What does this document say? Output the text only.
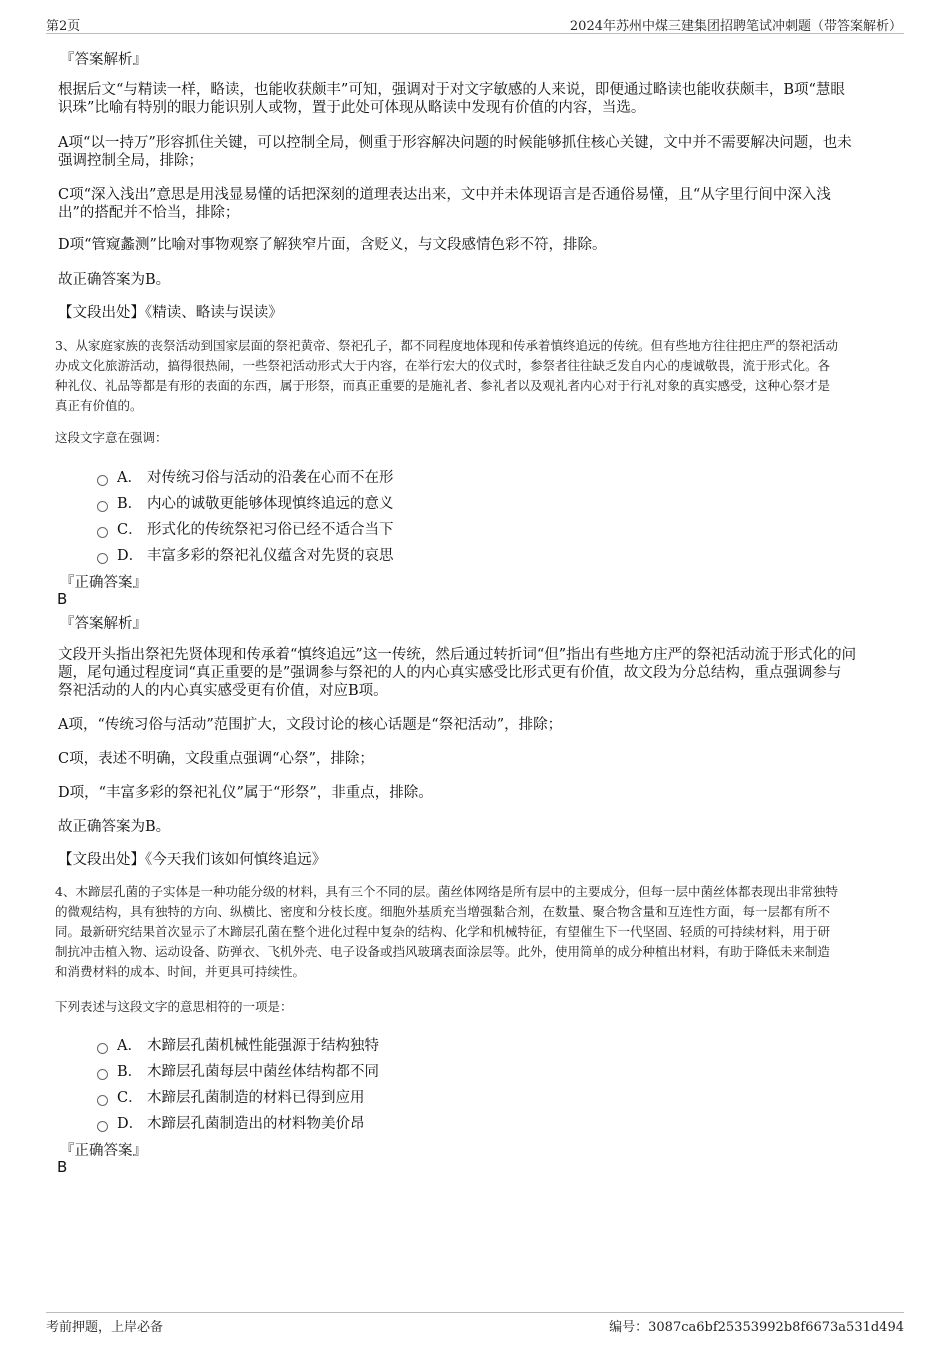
第2页	2024年苏州中煤三建集团招聘笔试冲刺题（带答案解析）
『答案解析』
根据后文“与精读一样，略读，也能收获颇丰”可知，强调对于对文字敏感的人来说，即便通过略读也能收获颇丰，B项“慧眼
识珠”比喻有特别的眼力能识别人或物，置于此处可体现从略读中发现有价值的内容，当选。
A项“以一持万”形容抓住关键，可以控制全局，侧重于形容解决问题的时候能够抓住核心关键，文中并不需要解决问题，也未
强调控制全局，排除；
C项“深入浅出”意思是用浅显易懂的话把深刻的道理表达出来，文中并未体现语言是否通俗易懂，且“从字里行间中深入浅
出”的搭配并不恰当，排除；
D项“管窥蠡测”比喻对事物观察了解狭窄片面，含贬义，与文段感情色彩不符，排除。
故正确答案为B。
【文段出处】《精读、略读与误读》
3、从家庭家族的丧祭活动到国家层面的祭祀黄帝、祭祀孔子，都不同程度地体现和传承着慎终追远的传统。但有些地方往往把庄严的祭祀活动
办成文化旅游活动，搞得很热闹，一些祭祀活动形式大于内容，在举行宏大的仪式时，参祭者往往缺乏发自内心的虔诚敬畏，流于形式化。各
种礼仪、礼品等都是有形的表面的东西，属于形祭，而真正重要的是施礼者、参礼者以及观礼者内心对于行礼对象的真实感受，这种心祭才是
真正有价值的。
这段文字意在强调：
A． 对传统习俗与活动的沿袭在心而不在形
B． 内心的诚敬更能够体现慎终追远的意义
C． 形式化的传统祭祀习俗已经不适合当下
D． 丰富多彩的祭祀礼仪蕴含对先贤的哀思
『正确答案』
B
『答案解析』
文段开头指出祭祀先贤体现和传承着“慎终追远”这一传统，然后通过转折词“但”指出有些地方庄严的祭祀活动流于形式化的问
题，尾句通过程度词“真正重要的是”强调参与祭祀的人的内心真实感受比形式更有价值，故文段为分总结构，重点强调参与
祭祀活动的人的内心真实感受更有价值，对应B项。
A项，“传统习俗与活动”范围扩大，文段讨论的核心话题是“祭祀活动”，排除；
C项，表述不明确，文段重点强调“心祭”，排除；
D项，“丰富多彩的祭祀礼仪”属于“形祭”，非重点，排除。
故正确答案为B。
【文段出处】《今天我们该如何慎终追远》
4、木蹄层孔菌的子实体是一种功能分级的材料，具有三个不同的层。菌丝体网络是所有层中的主要成分，但每一层中菌丝体都表现出非常独特
的微观结构，具有独特的方向、纵横比、密度和分枝长度。细胞外基质充当增强黏合剂，在数量、聚合物含量和互连性方面，每一层都有所不
同。最新研究结果首次显示了木蹄层孔菌在整个进化过程中复杂的结构、化学和机械特征，有望催生下一代坚固、轻质的可持续材料，用于研
制抗冲击植入物、运动设备、防弹衣、飞机外壳、电子设备或挡风玻璃表面涂层等。此外，使用简单的成分种植出材料，有助于降低未来制造
和消费材料的成本、时间，并更具可持续性。
下列表述与这段文字的意思相符的一项是：
A． 木蹄层孔菌机械性能强源于结构独特
B． 木蹄层孔菌每层中菌丝体结构都不同
C． 木蹄层孔菌制造的材料已得到应用
D． 木蹄层孔菌制造出的材料物美价昂
『正确答案』
B
考前押题，上岸必备	编号：3087ca6bf25353992b8f6673a531d494
